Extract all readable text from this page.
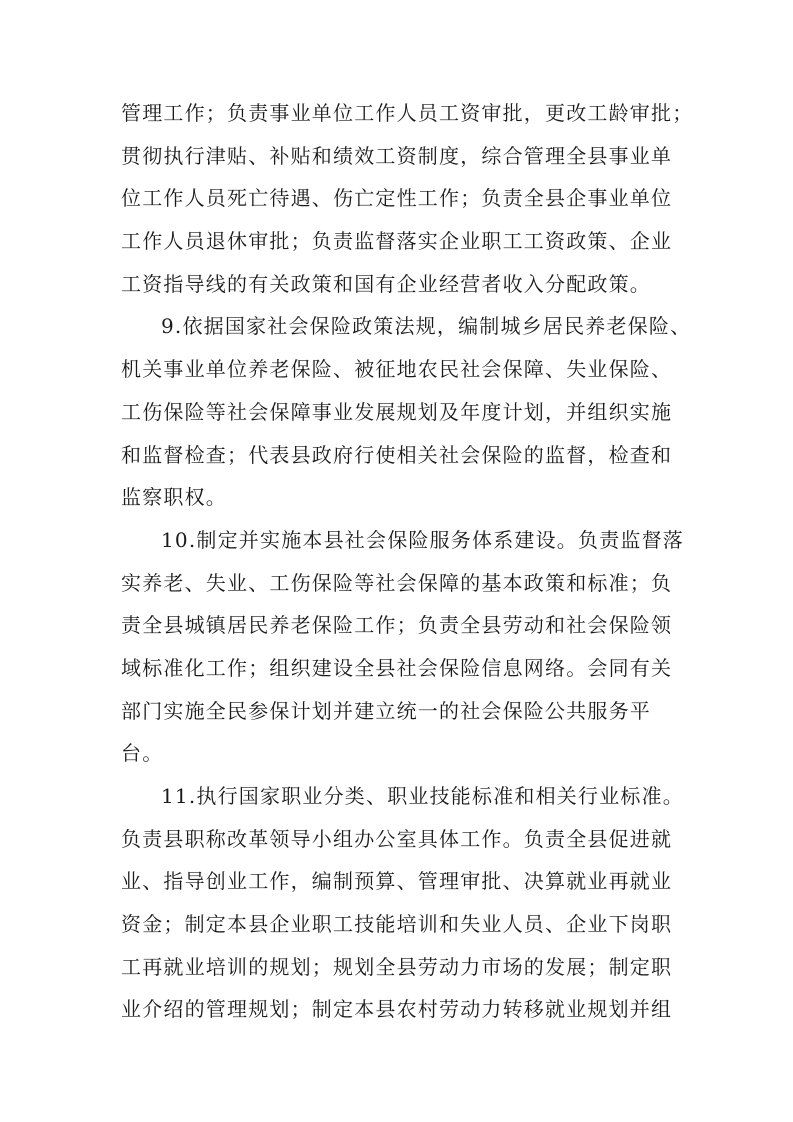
管理工作；负责事业单位工作人员工资审批，更改工龄审批；
贯彻执行津贴、补贴和绩效工资制度，综合管理全县事业单
位工作人员死亡待遇、伤亡定性工作；负责全县企事业单位
工作人员退休审批；负责监督落实企业职工工资政策、企业
工资指导线的有关政策和国有企业经营者收入分配政策。
9.依据国家社会保险政策法规，编制城乡居民养老保险、
机关事业单位养老保险、被征地农民社会保障、失业保险、
工伤保险等社会保障事业发展规划及年度计划，并组织实施
和监督检查；代表县政府行使相关社会保险的监督，检查和
监察职权。
10.制定并实施本县社会保险服务体系建设。负责监督落
实养老、失业、工伤保险等社会保障的基本政策和标准；负
责全县城镇居民养老保险工作；负责全县劳动和社会保险领
域标准化工作；组织建设全县社会保险信息网络。会同有关
部门实施全民参保计划并建立统一的社会保险公共服务平
台。
11.执行国家职业分类、职业技能标准和相关行业标准。
负责县职称改革领导小组办公室具体工作。负责全县促进就
业、指导创业工作，编制预算、管理审批、决算就业再就业
资金；制定本县企业职工技能培训和失业人员、企业下岗职
工再就业培训的规划；规划全县劳动力市场的发展；制定职
业介绍的管理规划；制定本县农村劳动力转移就业规划并组
